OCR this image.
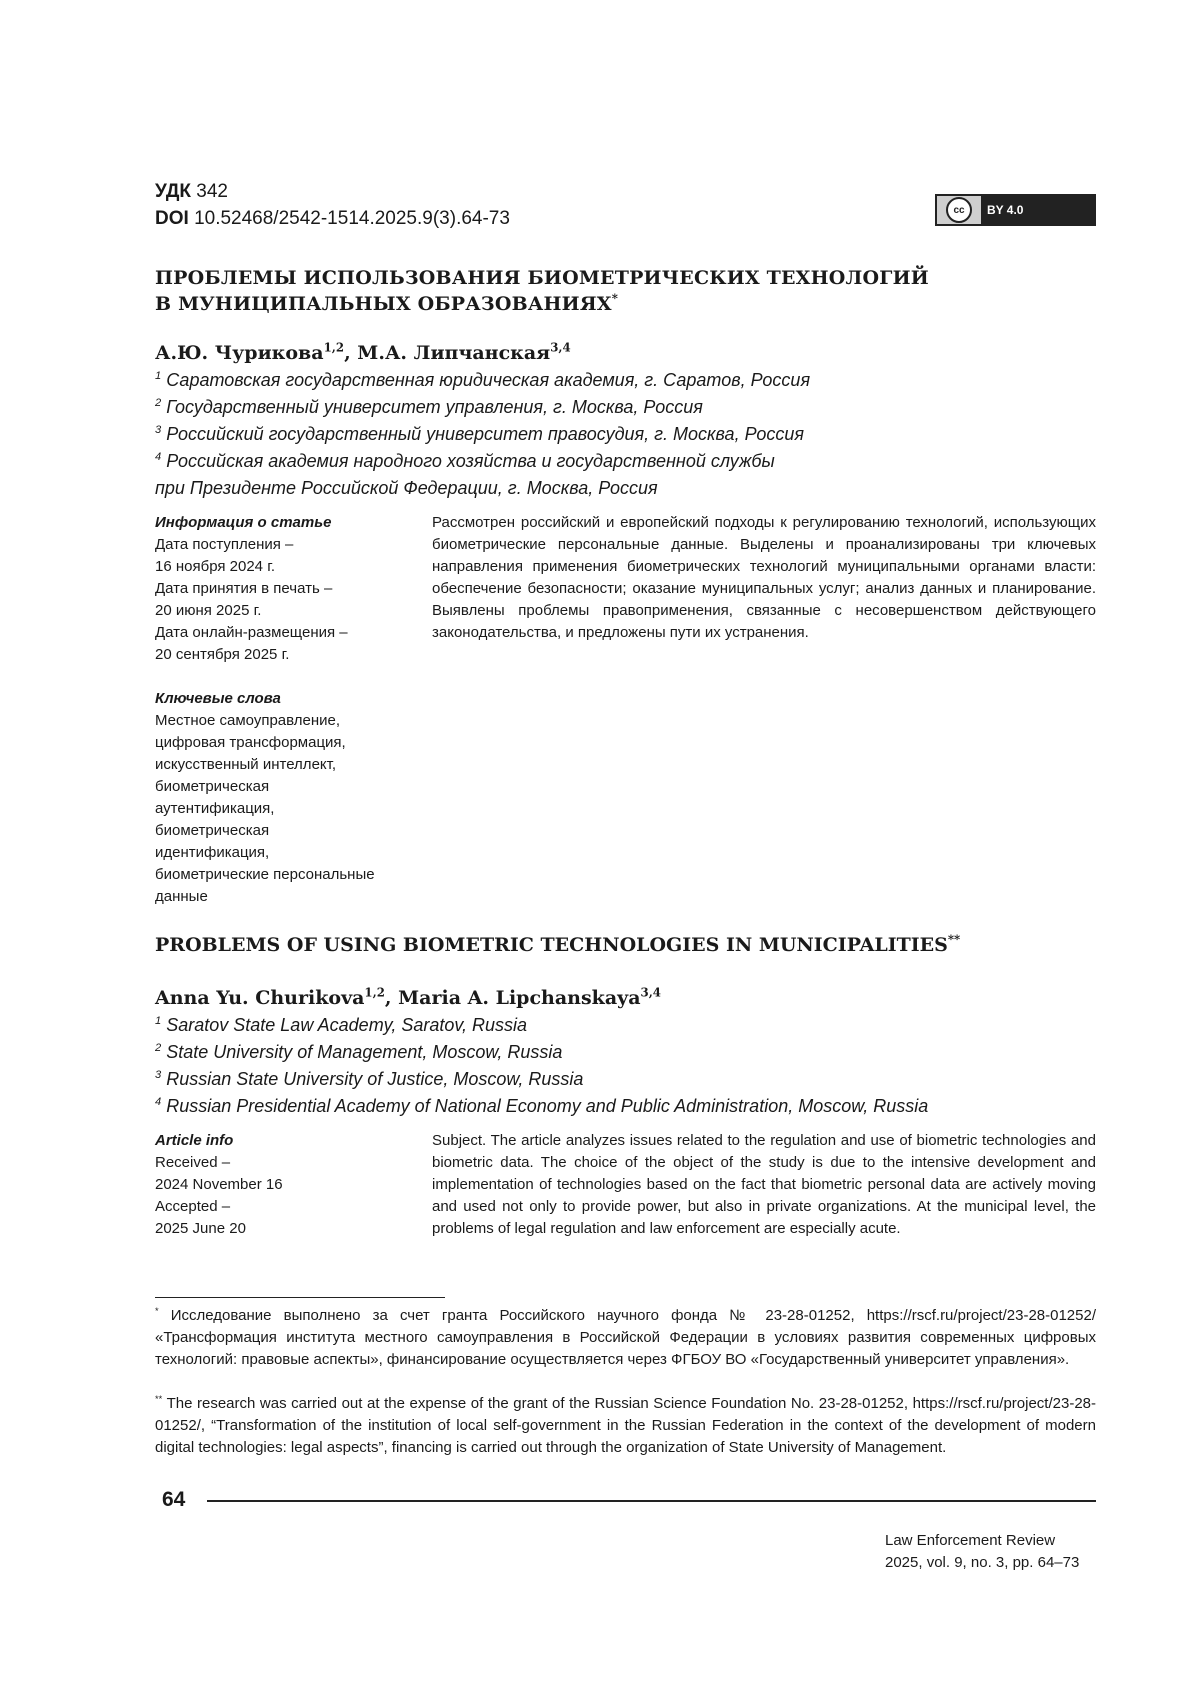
УДК 342
DOI 10.52468/2542-1514.2025.9(3).64-73	cc	BY 4.0
ПРОБЛЕМЫ ИСПОЛЬЗОВАНИЯ БИОМЕТРИЧЕСКИХ ТЕХНОЛОГИЙ
В МУНИЦИПАЛЬНЫХ ОБРАЗОВАНИЯХ*
А.Ю. Чурикова$^{1,2}$, М.А. Липчанская$^{3,4}$
$^1$ Саратовская государственная юридическая академия, г. Саратов, Россия
$^2$ Государственный университет управления, г. Москва, Россия
$^3$ Российский государственный университет правосудия, г. Москва, Россия
$^4$ Российская академия народного хозяйства и государственной службы
при Президенте Российской Федерации, г. Москва, Россия
Информация о статье
Дата поступления –
16 ноября 2024 г.
Дата принятия в печать –
20 июня 2025 г.
Дата онлайн-размещения –
20 сентября 2025 г.
Ключевые слова
Местное самоуправление,
цифровая трансформация,
искусственный интеллект,
биометрическая
аутентификация,
биометрическая
идентификация,
биометрические персональные
данные
Рассмотрен российский и европейский подходы к регулированию технологий, использующих биометрические персональные данные. Выделены и проанализированы три ключевых направления применения биометрических технологий муниципальными органами власти: обеспечение безопасности; оказание муниципальных услуг; анализ данных и планирование. Выявлены проблемы правоприменения, связанные с несовершенством действующего законодательства, и предложены пути их устранения.
PROBLEMS OF USING BIOMETRIC TECHNOLOGIES IN MUNICIPALITIES**
Anna Yu. Churikova$^{1,2}$, Maria A. Lipchanskaya$^{3,4}$
$^1$ Saratov State Law Academy, Saratov, Russia
$^2$ State University of Management, Moscow, Russia
$^3$ Russian State University of Justice, Moscow, Russia
$^4$ Russian Presidential Academy of National Economy and Public Administration, Moscow, Russia
Article info
Received –
2024 November 16
Accepted –
2025 June 20
Subject. The article analyzes issues related to the regulation and use of biometric technologies and biometric data. The choice of the object of the study is due to the intensive development and implementation of technologies based on the fact that biometric personal data are actively moving and used not only to provide power, but also in private organizations. At the municipal level, the problems of legal regulation and law enforcement are especially acute.
* Исследование выполнено за счет гранта Российского научного фонда № 23-28-01252, https://rscf.ru/project/23-28-01252/ «Трансформация института местного самоуправления в Российской Федерации в условиях развития современных цифровых технологий: правовые аспекты», финансирование осуществляется через ФГБОУ ВО «Государственный университет управления».
** The research was carried out at the expense of the grant of the Russian Science Foundation No. 23-28-01252, https://rscf.ru/project/23-28-01252/, “Transformation of the institution of local self-government in the Russian Federation in the context of the development of modern digital technologies: legal aspects”, financing is carried out through the organization of State University of Management.
64
Law Enforcement Review
2025, vol. 9, no. 3, pp. 64–73
